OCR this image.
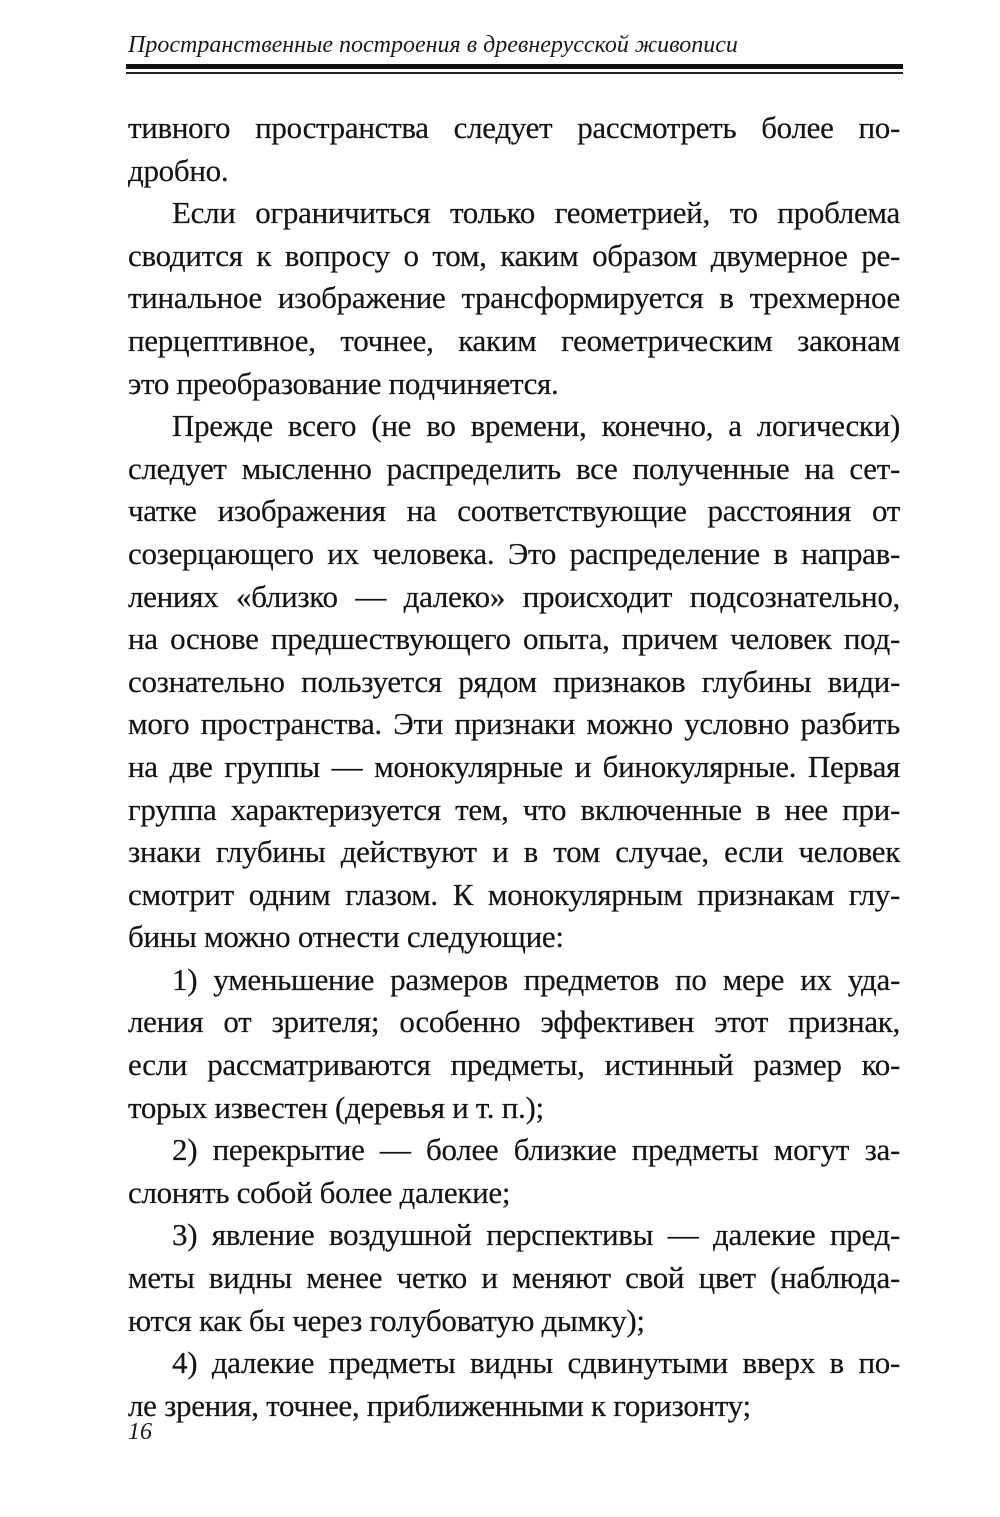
Пространственные построения в древнерусской живописи
тивного пространства следует рассмотреть более по-
дробно.
Если ограничиться только геометрией, то проблема
сводится к вопросу о том, каким образом двумерное ре-
тинальное изображение трансформируется в трехмерное
перцептивное, точнее, каким геометрическим законам
это преобразование подчиняется.
Прежде всего (не во времени, конечно, а логически)
следует мысленно распределить все полученные на сет-
чатке изображения на соответствующие расстояния от
созерцающего их человека. Это распределение в направ-
лениях «близко — далеко» происходит подсознательно,
на основе предшествующего опыта, причем человек под-
сознательно пользуется рядом признаков глубины види-
мого пространства. Эти признаки можно условно разбить
на две группы — монокулярные и бинокулярные. Первая
группа характеризуется тем, что включенные в нее при-
знаки глубины действуют и в том случае, если человек
смотрит одним глазом. К монокулярным признакам глу-
бины можно отнести следующие:
1) уменьшение размеров предметов по мере их уда-
ления от зрителя; особенно эффективен этот признак,
если рассматриваются предметы, истинный размер ко-
торых известен (деревья и т. п.);
2) перекрытие — более близкие предметы могут за-
слонять собой более далекие;
3) явление воздушной перспективы — далекие пред-
меты видны менее четко и меняют свой цвет (наблюда-
ются как бы через голубоватую дымку);
4) далекие предметы видны сдвинутыми вверх в по-
ле зрения, точнее, приближенными к горизонту;
16
